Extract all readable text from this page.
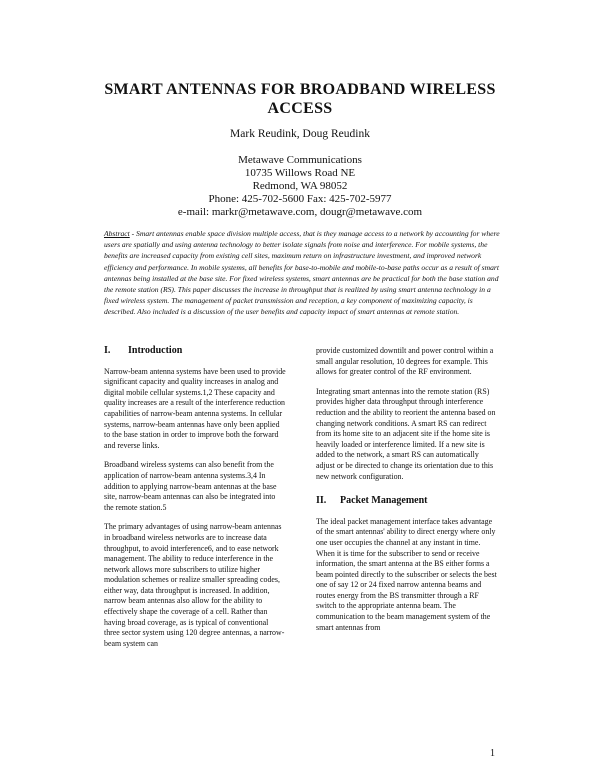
SMART ANTENNAS FOR BROADBAND WIRELESS
ACCESS
Mark Reudink, Doug Reudink
Metawave Communications
10735 Willows Road NE
Redmond, WA 98052
Phone: 425-702-5600 Fax: 425-702-5977
e-mail: markr@metawave.com, dougr@metawave.com
Abstract - Smart antennas enable space division multiple access, that is they manage access to a network by accounting for where users are spatially and using antenna technology to better isolate signals from noise and interference. For mobile systems, the benefits are increased capacity from existing cell sites, maximum return on infrastructure investment, and improved network efficiency and performance. In mobile systems, all benefits for base-to-mobile and mobile-to-base paths occur as a result of smart antennas being installed at the base site. For fixed wireless systems, smart antennas are be practical for both the base station and the remote station (RS). This paper discusses the increase in throughput that is realized by using smart antenna technology in a fixed wireless system. The management of packet transmission and reception, a key component of maximizing capacity, is described. Also included is a discussion of the user benefits and capacity impact of smart antennas at remote station.
I. Introduction

Narrow-beam antenna systems have been used to provide significant capacity and quality increases in analog and digital mobile cellular systems.1,2 These capacity and quality increases are a result of the interference reduction capabilities of narrow-beam antenna systems. In cellular systems, narrow-beam antennas have only been applied to the base station in order to improve both the forward and reverse links.

Broadband wireless systems can also benefit from the application of narrow-beam antenna systems.3,4 In addition to applying narrow-beam antennas at the base site, narrow-beam antennas can also be integrated into the remote station.5

The primary advantages of using narrow-beam antennas in broadband wireless networks are to increase data throughput, to avoid interference6, and to ease network management. The ability to reduce interference in the network allows more subscribers to utilize higher modulation schemes or realize smaller spreading codes, either way, data throughput is increased. In addition, narrow beam antennas also allow for the ability to effectively shape the coverage of a cell. Rather than having broad coverage, as is typical of conventional three sector system using 120 degree antennas, a narrow-beam system can

provide customized downtilt and power control within a small angular resolution, 10 degrees for example. This allows for greater control of the RF environment.

Integrating smart antennas into the remote station (RS) provides higher data throughput through interference reduction and the ability to reorient the antenna based on changing network conditions. A smart RS can redirect from its home site to an adjacent site if the home site is heavily loaded or interference limited. If a new site is added to the network, a smart RS can automatically adjust or be directed to change its orientation due to this new network configuration.

II. Packet Management

The ideal packet management interface takes advantage of the smart antennas' ability to direct energy where only one user occupies the channel at any instant in time. When it is time for the subscriber to send or receive information, the smart antenna at the BS either forms a beam pointed directly to the subscriber or selects the best one of say 12 or 24 fixed narrow antenna beams and routes energy from the BS transmitter through a RF switch to the appropriate antenna beam. The communication to the beam management system of the smart antennas from

1
